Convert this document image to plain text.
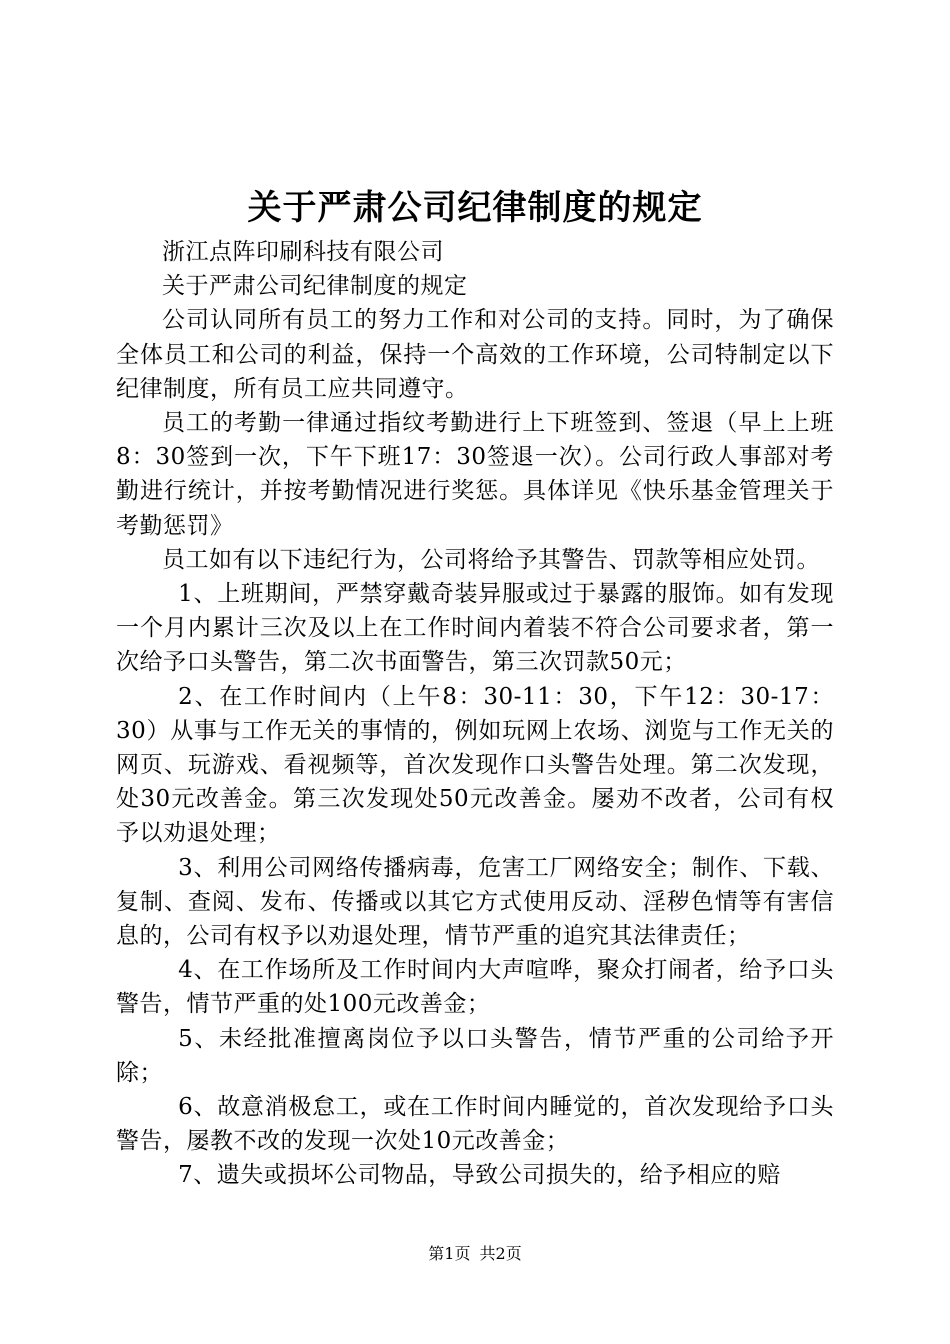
关于严肃公司纪律制度的规定

浙江点阵印刷科技有限公司

关于严肃公司纪律制度的规定

公司认同所有员工的努力工作和对公司的支持。同时，为了确保全体员工和公司的利益，保持一个高效的工作环境，公司特制定以下纪律制度，所有员工应共同遵守。

员工的考勤一律通过指纹考勤进行上下班签到、签退（早上上班8：30签到一次，下午下班17：30签退一次）。公司行政人事部对考勤进行统计，并按考勤情况进行奖惩。具体详见《快乐基金管理关于考勤惩罚》

员工如有以下违纪行为，公司将给予其警告、罚款等相应处罚。

1、上班期间，严禁穿戴奇装异服或过于暴露的服饰。如有发现一个月内累计三次及以上在工作时间内着装不符合公司要求者，第一次给予口头警告，第二次书面警告，第三次罚款50元；

2、在工作时间内（上午8：30-11：30，下午12：30-17：30）从事与工作无关的事情的，例如玩网上农场、浏览与工作无关的网页、玩游戏、看视频等，首次发现作口头警告处理。第二次发现，处30元改善金。第三次发现处50元改善金。屡劝不改者，公司有权予以劝退处理；

3、利用公司网络传播病毒，危害工厂网络安全；制作、下载、复制、查阅、发布、传播或以其它方式使用反动、淫秽色情等有害信息的，公司有权予以劝退处理，情节严重的追究其法律责任；

4、在工作场所及工作时间内大声喧哗，聚众打闹者，给予口头警告，情节严重的处100元改善金；

5、未经批准擅离岗位予以口头警告，情节严重的公司给予开除；

6、故意消极怠工，或在工作时间内睡觉的，首次发现给予口头警告，屡教不改的发现一次处10元改善金；

7、遗失或损坏公司物品，导致公司损失的，给予相应的赔

第1页 共2页
